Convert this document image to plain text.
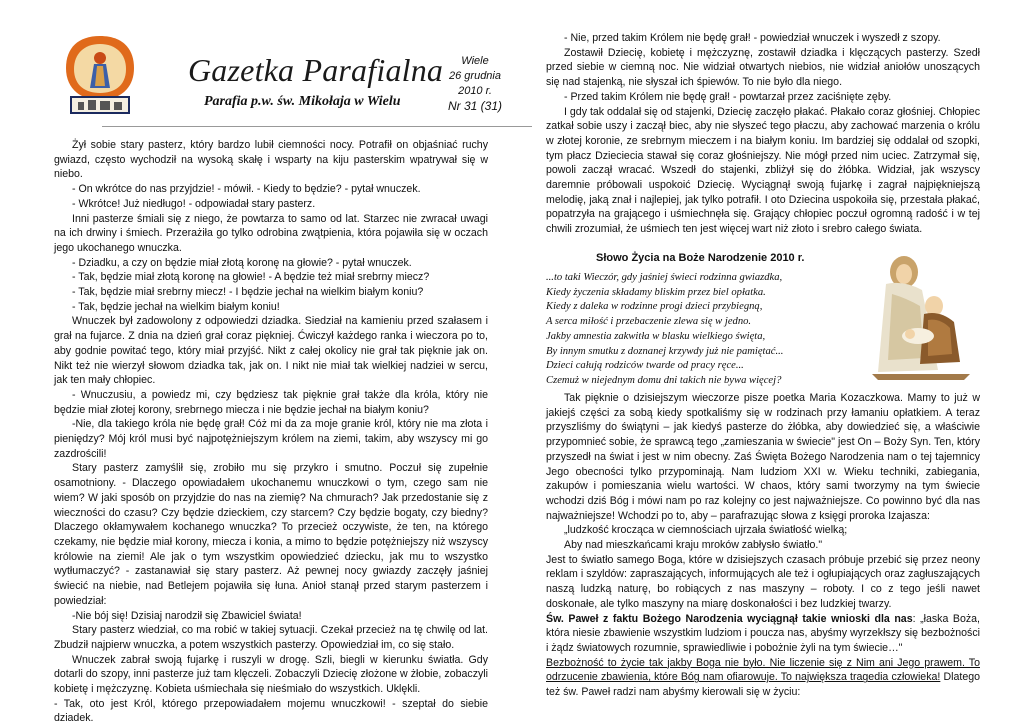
Gazetka Parafialna
Parafia p.w. św. Mikołaja w Wielu
Wiele
26 grudnia
2010 r.
Nr 31 (31)

Żył sobie stary pasterz, który bardzo lubił ciemności nocy. Potrafił on objaśniać ruchy gwiazd, często wychodził na wysoką skałę i wsparty na kiju pasterskim wpatrywał się w niebo.

- On wkrótce do nas przyjdzie! - mówił. - Kiedy to będzie? - pytał wnuczek.

- Wkrótce! Już niedługo! - odpowiadał stary pasterz.

Inni pasterze śmiali się z niego, że powtarza to samo od lat. Starzec nie zwracał uwagi na ich drwiny i śmiech. Przerażiła go tylko odrobina zwątpienia, która pojawiła się w oczach jego ukochanego wnuczka.

- Dziadku, a czy on będzie miał złotą koronę na głowie? - pytał wnuczek.

- Tak, będzie miał złotą koronę na głowie! - A będzie też miał srebrny miecz?

- Tak, będzie miał srebrny miecz! - I będzie jechał na wielkim białym koniu?

- Tak, będzie jechał na wielkim białym koniu!

Wnuczek był zadowolony z odpowiedzi dziadka. Siedział na kamieniu przed szałasem i grał na fujarce. Z dnia na dzień grał coraz piękniej. Ćwiczył każdego ranka i wieczora po to, aby godnie powitać tego, który miał przyjść. Nikt z całej okolicy nie grał tak pięknie jak on. Nikt też nie wierzył słowom dziadka tak, jak on. I nikt nie miał tak wielkiej nadziei w sercu, jak ten mały chłopiec.

- Wnuczusiu, a powiedz mi, czy będziesz tak pięknie grał także dla króla, który nie będzie miał złotej korony, srebrnego miecza i nie będzie jechał na białym koniu?

-Nie, dla takiego króla nie będę grał! Cóż mi da za moje granie król, który nie ma złota i pieniędzy? Mój król musi być najpotężniejszym królem na ziemi, takim, aby wszyscy mi go zazdrościli!

Stary pasterz zamyślił się, zrobiło mu się przykro i smutno. Poczuł się zupełnie osamotniony. - Dlaczego opowiadałem ukochanemu wnuczkowi o tym, czego sam nie wiem? W jaki sposób on przyjdzie do nas na ziemię? Na chmurach? Jak przedostanie się z wieczności do czasu? Czy będzie dzieckiem, czy starcem? Czy będzie bogaty, czy biedny? Dlaczego okłamywałem kochanego wnuczka? To przecież oczywiste, że ten, na którego czekamy, nie będzie miał korony, miecza i konia, a mimo to będzie potężniejszy niż wszyscy królowie na ziemi! Ale jak o tym wszystkim opowiedzieć dziecku, jak mu to wszystko wytłumaczyć? - zastanawiał się stary pasterz. Aż pewnej nocy gwiazdy zaczęły jaśniej świecić na niebie, nad Betlejem pojawiła się łuna. Anioł stanął przed starym pasterzem i powiedział:

-Nie bój się! Dzisiaj narodził się Zbawiciel świata!

Stary pasterz wiedział, co ma robić w takiej sytuacji. Czekał przecież na tę chwilę od lat. Zbudził najpierw wnuczka, a potem wszystkich pasterzy. Opowiedział im, co się stało.

Wnuczek zabrał swoją fujarkę i ruszyli w drogę. Szli, biegli w kierunku światła. Gdy dotarli do szopy, inni pasterze już tam klęczeli. Zobaczyli Dziecię złożone w żłobie, zobaczyli kobietę i mężczyznę. Kobieta uśmiechała się nieśmiało do wszystkich. Uklękli.

- Tak, oto jest Król, którego przepowiadałem mojemu wnuczkowi! - szeptał do siebie dziadek.

- Nie, przed takim Królem nie będę grał! - powiedział wnuczek i wyszedł z szopy.

Zostawił Dziecię, kobietę i mężczyznę, zostawił dziadka i klęczących pasterzy. Szedł przed siebie w ciemną noc. Nie widział otwartych niebios, nie widział aniołów unoszących się nad stajenką, nie słyszał ich śpiewów. To nie było dla niego.

- Przed takim Królem nie będę grał! - powtarzał przez zaciśnięte zęby.

I gdy tak oddalał się od stajenki, Dziecię zaczęło płakać. Płakało coraz głośniej. Chłopiec zatkał sobie uszy i zaczął biec, aby nie słyszeć tego płaczu, aby zachować marzenia o królu w złotej koronie, ze srebrnym mieczem i na białym koniu. Im bardziej się oddalał od szopki, tym płacz Dzieciecia stawał się coraz głośniejszy. Nie mógł przed nim uciec. Zatrzymał się, powoli zaczął wracać. Wszedł do stajenki, zbliżył się do żłóbka. Widział, jak wszyscy daremnie próbowali uspokoić Dziecię. Wyciągnął swoją fujarkę i zagrał najpiękniejszą melodię, jaką znał i najlepiej, jak tylko potrafił. I oto Dziecina uspokoiła się, przestała płakać, popatrzyła na grającego i uśmiechnęła się. Grający chłopiec poczuł ogromną radość i w tej chwili zrozumiał, że uśmiech ten jest więcej wart niż złoto i srebro całego świata.

Słowo Życia na Boże Narodzenie 2010 r.
...to taki Wieczór, gdy jaśniej świeci rodzinna gwiazdka,
Kiedy życzenia składamy bliskim przez biel opłatka.
Kiedy z daleka w rodzinne progi dzieci przybiegną,
A serca miłość i przebaczenie zlewa się w jedno.
Jakby amnestia zakwitła w blasku wielkiego święta,
By innym smutku z doznanej krzywdy już nie pamiętać...
Dzieci całują rodziców twarde od pracy ręce...
Czemuż w niejednym domu dni takich nie bywa więcej?

Tak pięknie o dzisiejszym wieczorze pisze poetka Maria Kozaczkowa. Mamy to już w jakiejś części za sobą kiedy spotkaliśmy się w rodzinach przy łamaniu opłatkiem. A teraz przyszliśmy do świątyni – jak kiedyś pasterze do żłóbka, aby dowiedzieć się, a właściwie przypomnieć sobie, że sprawcą tego „zamieszania w świecie" jest On – Boży Syn. Ten, który przyszedł na świat i jest w nim obecny. Zaś Święta Bożego Narodzenia nam o tej tajemnicy Jego obecności tylko przypominają. Nam ludziom XXI w. Wieku techniki, zabiegania, zakupów i pomieszania wielu wartości. W chaos, który sami tworzymy na tym świecie wchodzi dziś Bóg i mówi nam po raz kolejny co jest najważniejsze. Co powinno być dla nas najważniejsze! Wchodzi po to, aby – parafrazując słowa z księgi proroka Izajasza:

„ludzkość krocząca w ciemnościach ujrzała światłość wielką;

Aby nad mieszkańcami kraju mroków zabłysło światło."

Jest to światło samego Boga, które w dzisiejszych czasach próbuje przebić się przez neony reklam i szyldów: zapraszających, informujących ale też i ogłupiających oraz zagłuszających naszą ludzką naturę, bo robiących z nas maszyny – roboty. I co z tego jeśli nawet doskonałe, ale tylko maszyny na miarę doskonałości i bez ludzkiej twarzy.

Św. Paweł z faktu Bożego Narodzenia wyciągnął takie wnioski dla nas: „łaska Boża, która niesie zbawienie wszystkim ludziom i poucza nas, abyśmy wyrzekłszy się bezbożności i żądz światowych rozumnie, sprawiedliwie i pobożnie żyli na tym świecie…"

Bezbożność to życie tak jakby Boga nie było. Nie liczenie się z Nim ani Jego prawem. To odrzucenie zbawienia, które Bóg nam ofiarowuje. To największa tragedia człowieka! Dlatego też św. Paweł radzi nam abyśmy kierowali się w życiu:
